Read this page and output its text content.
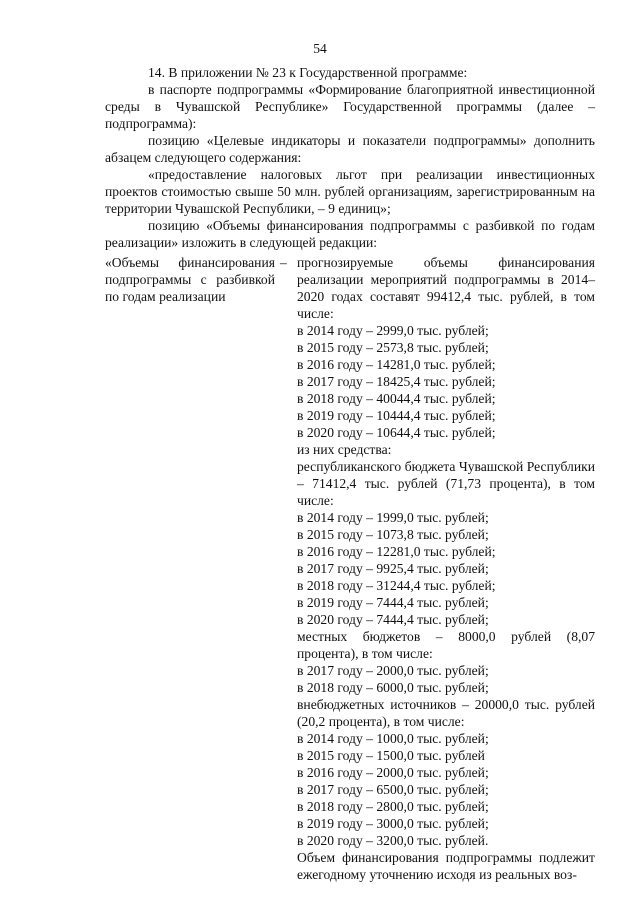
54

14. В приложении № 23 к Государственной программе:

в паспорте подпрограммы «Формирование благоприятной инвестиционной среды в Чувашской Республике» Государственной программы (далее – подпрограмма):

позицию «Целевые индикаторы и показатели подпрограммы» дополнить абзацем следующего содержания:

«предоставление налоговых льгот при реализации инвестиционных проектов стоимостью свыше 50 млн. рублей организациям, зарегистрированным на территории Чувашской Республики, – 9 единиц»;

позицию «Объемы финансирования подпрограммы с разбивкой по годам реализации» изложить в следующей редакции:

«Объемы финансирования подпрограммы с разбивкой по годам реализации
– прогнозируемые объемы финансирования реализации мероприятий подпрограммы в 2014–2020 годах составят 99412,4 тыс. рублей, в том числе:
в 2014 году – 2999,0 тыс. рублей;
в 2015 году – 2573,8 тыс. рублей;
в 2016 году – 14281,0 тыс. рублей;
в 2017 году – 18425,4 тыс. рублей;
в 2018 году – 40044,4 тыс. рублей;
в 2019 году – 10444,4 тыс. рублей;
в 2020 году – 10644,4 тыс. рублей;
из них средства:
республиканского бюджета Чувашской Республики – 71412,4 тыс. рублей (71,73 процента), в том числе:
в 2014 году – 1999,0 тыс. рублей;
в 2015 году – 1073,8 тыс. рублей;
в 2016 году – 12281,0 тыс. рублей;
в 2017 году – 9925,4 тыс. рублей;
в 2018 году – 31244,4 тыс. рублей;
в 2019 году – 7444,4 тыс. рублей;
в 2020 году – 7444,4 тыс. рублей;
местных бюджетов – 8000,0 рублей (8,07 процента), в том числе:
в 2017 году – 2000,0 тыс. рублей;
в 2018 году – 6000,0 тыс. рублей;
внебюджетных источников – 20000,0 тыс. рублей (20,2 процента), в том числе:
в 2014 году – 1000,0 тыс. рублей;
в 2015 году – 1500,0 тыс. рублей
в 2016 году – 2000,0 тыс. рублей;
в 2017 году – 6500,0 тыс. рублей;
в 2018 году – 2800,0 тыс. рублей;
в 2019 году – 3000,0 тыс. рублей;
в 2020 году – 3200,0 тыс. рублей.
Объем финансирования подпрограммы подлежит ежегодному уточнению исходя из реальных воз-
